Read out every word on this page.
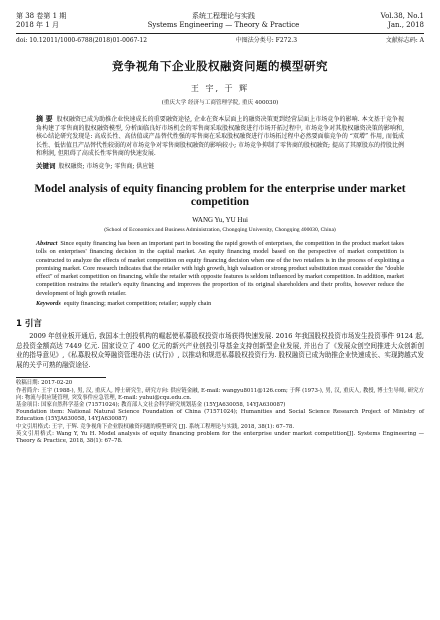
第 38 卷第 1 期
2018 年 1 月
系统工程理论与实践
Systems Engineering — Theory & Practice
Vol.38, No.1
Jan., 2018
doi: 10.12011/1000-6788(2018)01-0067-12	中图法分类号: F272.3	文献标志码: A
竞争视角下企业股权融资问题的模型研究
王 宇, 于 辉
(重庆大学 经济与工商管理学院, 重庆 400030)
摘 要 股权融资已成为助推企业快速成长的重要融资途径, 企业在资本层面上的融资决策更到经营层面上市场竞争的影响. 本文基于竞争视角构建了零售商的股权融资模型, 分析面临良好市场机会的零售商采取股权融资进行市场开拓过程中, 市场竞争对其股权融资决策的影响和, 核心结论研究发现是: 高成长性、高估值或产品替代性强的零售商在采取股权融资进行市场拓过程中必然要面临竞争的 “双增” 作用, 而低成长性、低估值且产品替代性较弱的对市场竞争对零售商股权融资的影响较小; 市场竞争抑制了零售商的股权融资; 提高了其原股东的持股比例和利润, 但阻碍了高成长性零售商的快速发展.
关键词 股权融资; 市场竞争; 零售商; 供应链
Model analysis of equity financing problem for the enterprise under market competition
WANG Yu, YU Hui
(School of Economics and Business Administration, Chongqing University, Chongqing 400030, China)
Abstract Since equity financing has been an important part in boosting the rapid growth of enterprises, the competition in the product market takes tolls on enterprises' financing decision in the capital market. An equity financing model based on the perspective of market competition is constructed to analyze the effects of market competition on equity financing decision when one of the two retailers is in the process of exploiting a promising market. Core research indicates that the retailer with high growth, high valuation or strong product substitution must consider the "double effect" of market competition on financing, while the retailer with opposite features is seldom influenced by market competition. In addition, market competition restrains the retailer's equity financing and improves the proportion of its original shareholders and their profits, however reduce the development of high growth retailer.
Keywords equity financing; market competition; retailer; supply chain
1 引言
2009 年创业板开通后, 我国本土创投机构的崛起使私募股权投资市场获得快速发展. 2016 年我国股权投资市场发生投资事件 9124 起, 总投资金额高达 7449 亿元. 国家设立了 400 亿元的新兴产业创投引导基金支持创新型企业发展, 并出台了《发展众创空间推进大众创新创业的指导意见》,《私募股权众筹融资管理办法 (试行)》, 以推动和规范私募股权投资行为. 股权融资已成为助推企业快速成长、实现跨越式发展的关乎可熟的融资途径.

收稿日期: 2017-02-20

作者简介: 王宇 (1988-), 男, 汉, 重庆人, 博士研究生, 研究方向: 供应链金融, E-mail: wangyu8011@126.com; 于辉 (1973-), 男, 汉, 重庆人, 教授, 博士生导师, 研究方向: 物流与供应链管理, 突发事件应急管理, E-mail: yuhui@cqu.edu.cn.

基金项目: 国家自然科学基金 (71571024); 教育部人文社会科学研究规划基金 (15YJA630058, 14YJA630087)

Foundation item: National Natural Science Foundation of China (71571024); Humanities and Social Science Research Project of Ministry of Education (15YJA630058, 14YJA630087)

中文引用格式: 王宇, 于辉. 竞争视角下企业股权融资问题的模型研究 [J]. 系统工程理论与实践, 2018, 38(1): 67–78.

英文引用格式: Wang Y, Yu H. Model analysis of equity financing problem for the enterprise under market competition[J]. Systems Engineering — Theory & Practice, 2018, 38(1): 67–78.
